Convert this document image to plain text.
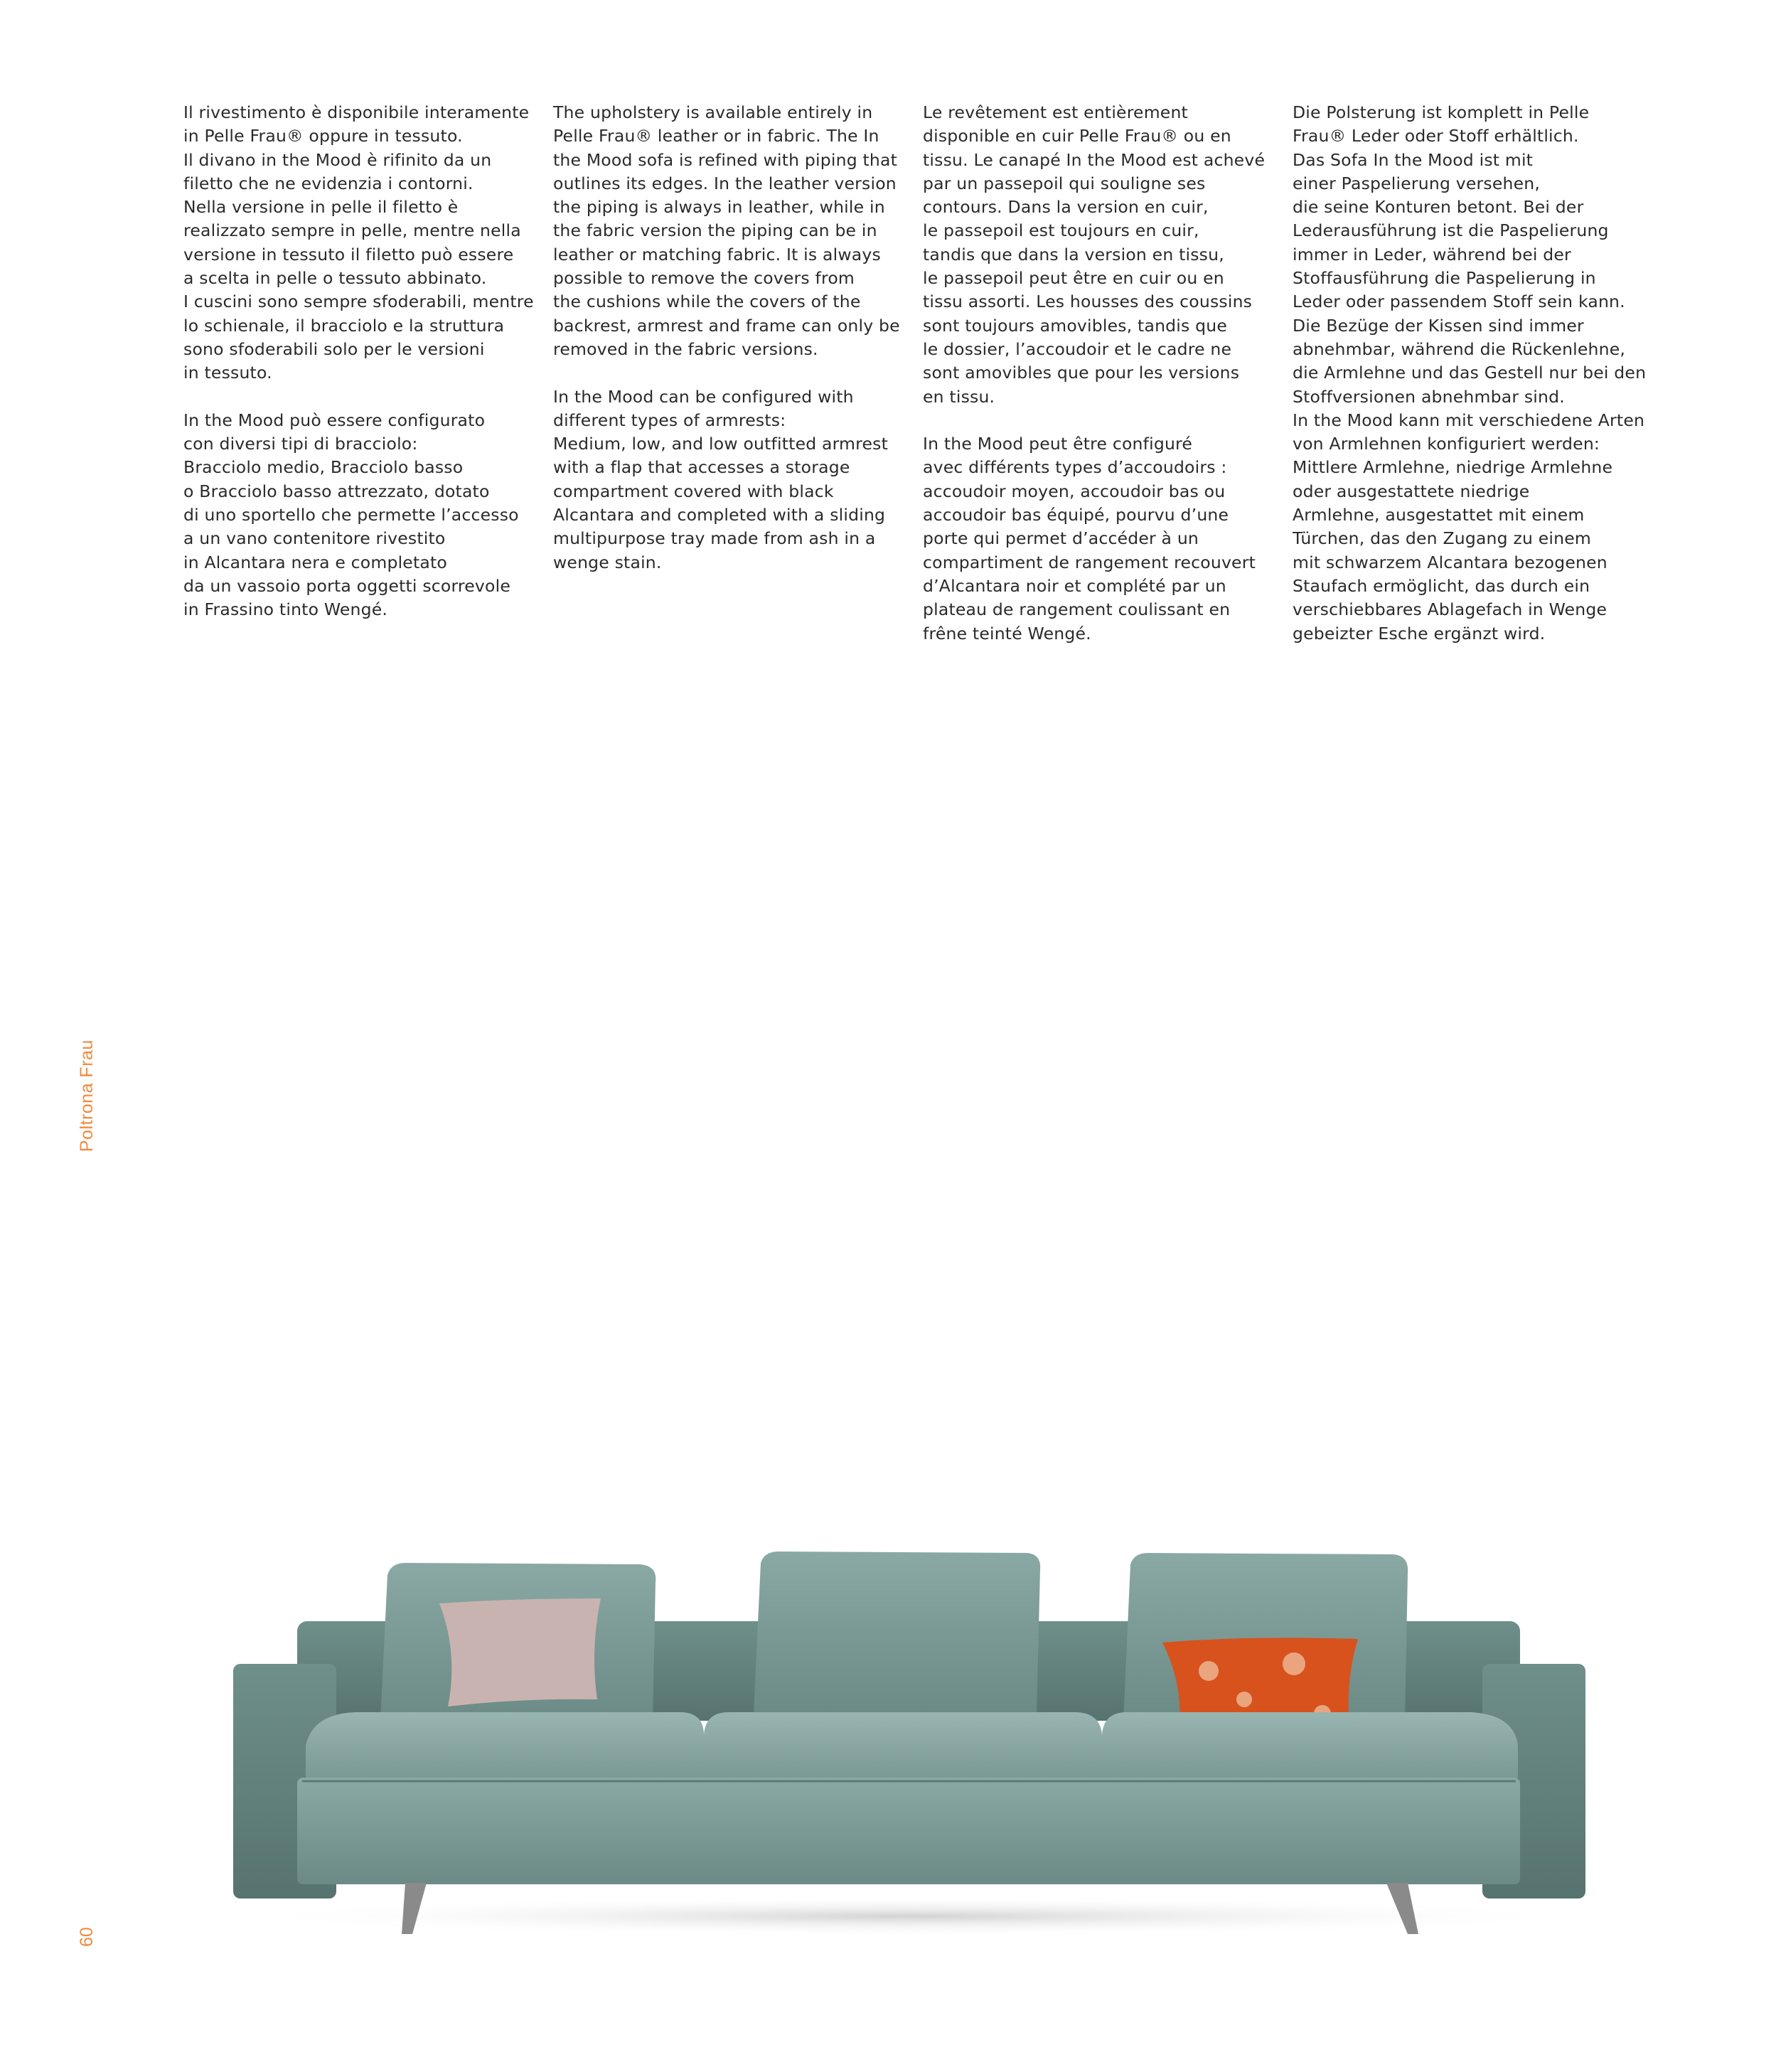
Il rivestimento è disponibile interamente
in Pelle Frau® oppure in tessuto.
Il divano in the Mood è rifinito da un
filetto che ne evidenzia i contorni.
Nella versione in pelle il filetto è
realizzato sempre in pelle, mentre nella
versione in tessuto il filetto può essere
a scelta in pelle o tessuto abbinato.
I cuscini sono sempre sfoderabili, mentre
lo schienale, il bracciolo e la struttura
sono sfoderabili solo per le versioni
in tessuto.

In the Mood può essere configurato
con diversi tipi di bracciolo:
Bracciolo medio, Bracciolo basso
o Bracciolo basso attrezzato, dotato
di uno sportello che permette l’accesso
a un vano contenitore rivestito
in Alcantara nera e completato
da un vassoio porta oggetti scorrevole
in Frassino tinto Wengé.

The upholstery is available entirely in
Pelle Frau® leather or in fabric. The In
the Mood sofa is refined with piping that
outlines its edges. In the leather version
the piping is always in leather, while in
the fabric version the piping can be in
leather or matching fabric. It is always
possible to remove the covers from
the cushions while the covers of the
backrest, armrest and frame can only be
removed in the fabric versions.

In the Mood can be configured with
different types of armrests:
Medium, low, and low outfitted armrest
with a flap that accesses a storage
compartment covered with black
Alcantara and completed with a sliding
multipurpose tray made from ash in a
wenge stain.

Le revêtement est entièrement
disponible en cuir Pelle Frau® ou en
tissu. Le canapé In the Mood est achevé
par un passepoil qui souligne ses
contours. Dans la version en cuir,
le passepoil est toujours en cuir,
tandis que dans la version en tissu,
le passepoil peut être en cuir ou en
tissu assorti. Les housses des coussins
sont toujours amovibles, tandis que
le dossier, l’accoudoir et le cadre ne
sont amovibles que pour les versions
en tissu.

In the Mood peut être configuré
avec différents types d’accoudoirs :
accoudoir moyen, accoudoir bas ou
accoudoir bas équipé, pourvu d’une
porte qui permet d’accéder à un
compartiment de rangement recouvert
d’Alcantara noir et complété par un
plateau de rangement coulissant en
frêne teinté Wengé.

Die Polsterung ist komplett in Pelle
Frau® Leder oder Stoff erhältlich.
Das Sofa In the Mood ist mit
einer Paspelierung versehen,
die seine Konturen betont. Bei der
Lederausführung ist die Paspelierung
immer in Leder, während bei der
Stoffausführung die Paspelierung in
Leder oder passendem Stoff sein kann.
Die Bezüge der Kissen sind immer
abnehmbar, während die Rückenlehne,
die Armlehne und das Gestell nur bei den
Stoffversionen abnehmbar sind.
In the Mood kann mit verschiedene Arten
von Armlehnen konfiguriert werden:
Mittlere Armlehne, niedrige Armlehne
oder ausgestattete niedrige
Armlehne, ausgestattet mit einem
Türchen, das den Zugang zu einem
mit schwarzem Alcantara bezogenen
Staufach ermöglicht, das durch ein
verschiebbares Ablagefach in Wenge
gebeizter Esche ergänzt wird.

Poltrona Frau
60
